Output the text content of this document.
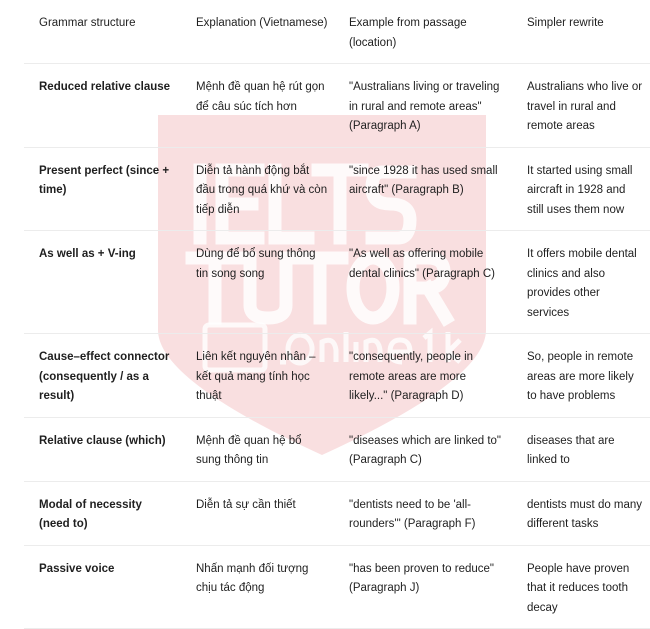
Grammar structure	Explanation (Vietnamese)	Example from passage (location)	Simpler rewrite
Reduced relative clause	Mệnh đề quan hệ rút gọn để câu súc tích hơn	"Australians living or traveling in rural and remote areas" (Paragraph A)	Australians who live or travel in rural and remote areas
Present perfect (since + time)	Diễn tả hành động bắt đầu trong quá khứ và còn tiếp diễn	"since 1928 it has used small aircraft" (Paragraph B)	It started using small aircraft in 1928 and still uses them now
As well as + V-ing	Dùng để bổ sung thông tin song song	"As well as offering mobile dental clinics" (Paragraph C)	It offers mobile dental clinics and also provides other services
Cause–effect connector (consequently / as a result)	Liên kết nguyên nhân – kết quả mang tính học thuật	"consequently, people in remote areas are more likely..." (Paragraph D)	So, people in remote areas are more likely to have problems
Relative clause (which)	Mệnh đề quan hệ bổ sung thông tin	"diseases which are linked to" (Paragraph C)	diseases that are linked to
Modal of necessity (need to)	Diễn tả sự cần thiết	"dentists need to be 'all-rounders'" (Paragraph F)	dentists must do many different tasks
Passive voice	Nhấn mạnh đối tượng chịu tác động	"has been proven to reduce" (Paragraph J)	People have proven that it reduces tooth decay
